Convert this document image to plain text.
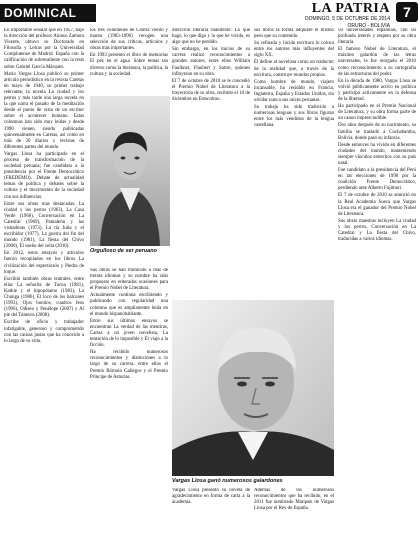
DOMINICAL	LA PATRIA
DOMINGO, 5 DE OCTUBRE DE 2014
ORURO - BOLIVIA
7

En importante señalar que en 1957, bajo la dirección del profesor Alonso Zamora Vicente, obtuvo su Doctorado en Filosofía y Letras por la Universidad Complutense de Madrid. España con la calificación de sobresaliente con la tesis sobre Gabriel García Márquez.

Mario Vargas Llosa publicó su primer artículo periodístico en la revista Caretas en mayo de 1940, su primer trabajo relevante, la novela La ciudad y los perros y más tarde una larga novela en la que narra el pasado de la meditación desde el punto de vista de un escritor sobre el acontecer humano. Estas columnas han sido muy leídas y desde 1990 vienen siendo publicadas quincenalmente en Caretas, así como en más de 20 diarios y revistas de diferentes partes del mundo.

Vargas Llosa ha participado en el proceso de transformación de la sociedad peruana; fue candidato a la presidencia por el Frente Democrático (FREDEMO). Debate de actualidad temas de política y debates sobre la cultura y el movimiento de la sociedad con sus influencias.

Entre sus obras más destacadas: La ciudad y los perros (1963), La Casa Verde (1966), Conversación en La Catedral (1969), Pantaleón y las visitadoras (1973), La tía Julia y el escribidor (1977), La guerra del fin del mundo (1981), La fiesta del Chivo (2000), El sueño del celta (2010).

En 2012, estos ensayos y artículos fueron recopilados en los libros La civilización del espectáculo y Piedra de toque.

Escribió también obras teatrales, entre ellas La señorita de Tacna (1981), Kathie y el hipopótamo (1983), La Chunga (1986), El loco de los balcones (1993), Ojos bonitos, cuadros feos (1996), Odiseo y Penélope (2007) y Al pie del Támesis (2008).

Escribe de ofício y trabajador infatigable, generoso y comprometido con las causas justas que ha conocido a lo largo de su vida.

los tres volúmenes de Contra viento y marea (1983-1990) recogen una selección de sus críticas, artículos y obras más importantes.

En 1993 presentó el libro de memorias El pez en el agua. Sobre temas tan diverso como la literatura, la política, la cultura y la sociedad.

Orgulloso de ser peruano

Sus obras se han traducido a más de treinta idiomas y su nombre ha sido propuesto en reiteradas ocasiones para el Premio Nobel de Literatura.

Actualmente continúa escribiendo y publicando con regularidad una columna que es ampliamente leída en el mundo hispanohablante.

Entre sus últimos ensayos se encuentran La verdad de las mentiras, Cartas a un joven novelista, La tentación de lo imposible y El viaje a la ficción.

Ha recibido numerosos reconocimientos y distinciones a lo largo de su carrera, entre ellos el Premio Rómulo Gallegos y el Premio Príncipe de Asturias.

dirección literaria manifestó: Lo que hago, lo que digo y lo que he vivido, es algo que no he perdido.

Sin embargo, en los inicios de su carrera realizó reconocimientos a grandes autores, entre ellos William Faulkner, Flaubert y Sartre, quienes influyeron en su obra.

El 7 de octubre de 2010 se le concedió el Premio Nobel de Literatura a la trayectoria de su obra, recibido el 10 de diciembre en Estocolmo.

sus libros la forma adquiere el mismo peso que su contenido.

Su refinada y lúcida escritura lo coloca entre los autores más influyentes del siglo XX.

Él define al novelista como un traductor de la realidad que, a través de la escritura, construye mundos propios.

Como hombre de mundo, viajero incansable, ha residido en Francia, Inglaterra, España y Estados Unidos, sin olvidar nunca sus raíces peruanas.

Su trabajo ha sido traducido a numerosas lenguas y sus libros figuran entre los más vendidos de la lengua castellana.

Vargas Llosa ganó numerosos galardones

Vargas Llosa presentó su novela de agradecimiento en forma de carta a la academia.

Además de los numerosos reconocimientos que ha recibido, en el 2011 fue nombrado Marqués de Vargas Llosa por el Rey de España.

50 universidades españolas, con un profundo interés y respeto por su obra literaria.

El famoso Nobel de Literatura, el máximo galardón de las letras universales, le fue otorgado el 2010 como reconocimiento a su cartografía de las estructuras del poder.

En la década de 1980, Vargas Llosa se volvió públicamente activo en política y participó activamente en la defensa de la libertad.

Ha participado en el Premio Nacional de Literatura, y su obra forma parte de un canon imprescindible.

Dos años después de su nacimiento, su familia se trasladó a Cochabamba, Bolivia, donde pasó su infancia.

Desde entonces ha vivido en diferentes ciudades del mundo, manteniendo siempre vínculos estrechos con su país natal.

Fue candidato a la presidencia del Perú en las elecciones de 1990 por la coalición Frente Democrático, perdiendo ante Alberto Fujimori.

El 7 de octubre de 2010 se anunció en la Real Academia Sueca que Vargas Llosa era el ganador del Premio Nobel de Literatura.

Sus obras maestras incluyen La ciudad y los perros, Conversación en La Catedral y La fiesta del Chivo, traducidas a varios idiomas.
